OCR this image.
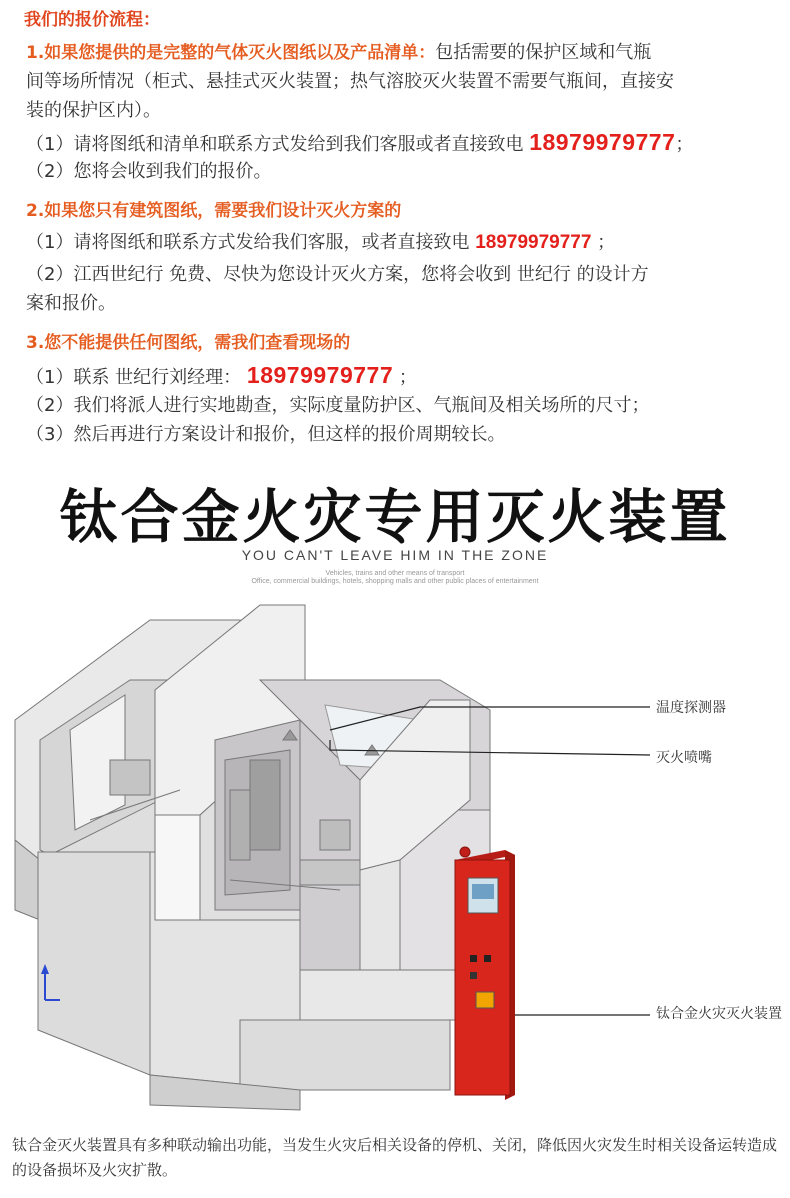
我们的报价流程：
1.如果您提供的是完整的气体灭火图纸以及产品清单：包括需要的保护区域和气瓶
间等场所情况（柜式、悬挂式灭火装置；热气溶胶灭火装置不需要气瓶间，直接安
装的保护区内）。
（1）请将图纸和清单和联系方式发给到我们客服或者直接致电 18979979777；
（2）您将会收到我们的报价。
2.如果您只有建筑图纸，需要我们设计灭火方案的
（1）请将图纸和联系方式发给我们客服，或者直接致电 18979979777 ；
（2）江西世纪行 免费、尽快为您设计灭火方案，您将会收到 世纪行 的设计方
案和报价。
3.您不能提供任何图纸，需我们查看现场的
（1）联系 世纪行刘经理： 18979979777 ；
（2）我们将派人进行实地勘查，实际度量防护区、气瓶间及相关场所的尺寸；
（3）然后再进行方案设计和报价，但这样的报价周期较长。
钛合金火灾专用灭火装置
YOU CAN'T LEAVE HIM IN THE ZONE
Vehicles, trains and other means of transport
Office, commercial buildings, hotels, shopping malls and other public places of entertainment
温度探测器
灭火喷嘴
钛合金火灾灭火装置
钛合金灭火装置具有多种联动输出功能，当发生火灾后相关设备的停机、关闭，降低因火灾发生时相关设备运转造成的设备损坏及火灾扩散。
